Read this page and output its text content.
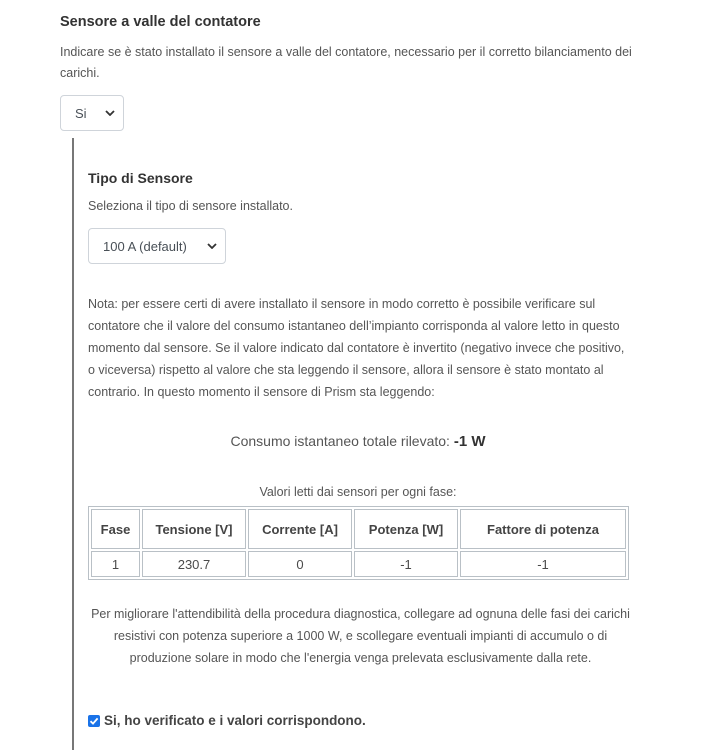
Sensore a valle del contatore
Indicare se è stato installato il sensore a valle del contatore, necessario per il corretto bilanciamento dei carichi.
Si
Tipo di Sensore
Seleziona il tipo di sensore installato.
100 A (default)
Nota: per essere certi di avere installato il sensore in modo corretto è possibile verificare sul contatore che il valore del consumo istantaneo dell’impianto corrisponda al valore letto in questo momento dal sensore. Se il valore indicato dal contatore è invertito (negativo invece che positivo, o viceversa) rispetto al valore che sta leggendo il sensore, allora il sensore è stato montato al contrario. In questo momento il sensore di Prism sta leggendo:
Consumo istantaneo totale rilevato: -1 W
Valori letti dai sensori per ogni fase:
Fase	Tensione [V]	Corrente [A]	Potenza [W]	Fattore di potenza
1	230.7	0	-1	-1
Per migliorare l'attendibilità della procedura diagnostica, collegare ad ognuna delle fasi dei carichi resistivi con potenza superiore a 1000 W, e scollegare eventuali impianti di accumulo o di produzione solare in modo che l'energia venga prelevata esclusivamente dalla rete.
Si, ho verificato e i valori corrispondono.
